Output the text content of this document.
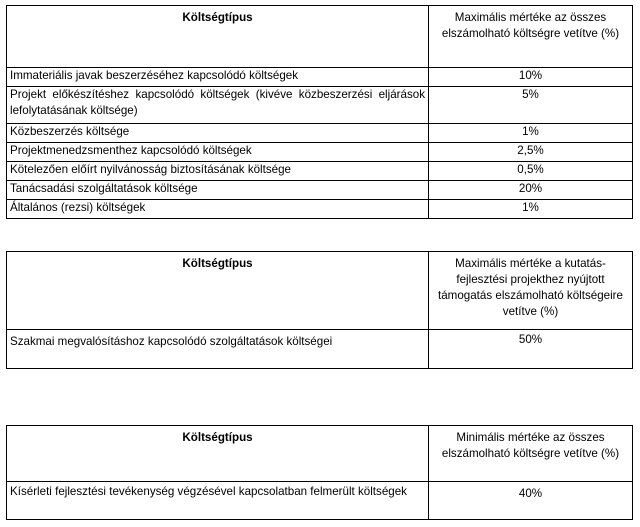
Költségtípus	Maximális mértéke az összes elszámolható költségre vetítve (%)
Immateriális javak beszerzéséhez kapcsolódó költségek	10%
Projekt előkészítéshez kapcsolódó költségek (kivéve közbeszerzési eljárások lefolytatásának költsége)	5%
Közbeszerzés költsége	1%
Projektmenedzsmenthez kapcsolódó költségek	2,5%
Kötelezően előírt nyilvánosság biztosításának költsége	0,5%
Tanácsadási szolgáltatások költsége	20%
Általános (rezsi) költségek	1%
Költségtípus	Maximális mértéke a kutatás-fejlesztési projekthez nyújtott támogatás elszámolható költségeire vetítve (%)
Szakmai megvalósításhoz kapcsolódó szolgáltatások költségei	50%
Költségtípus	Minimális mértéke az összes elszámolható költségre vetítve (%)
Kísérleti fejlesztési tevékenység végzésével kapcsolatban felmerült költségek	40%
